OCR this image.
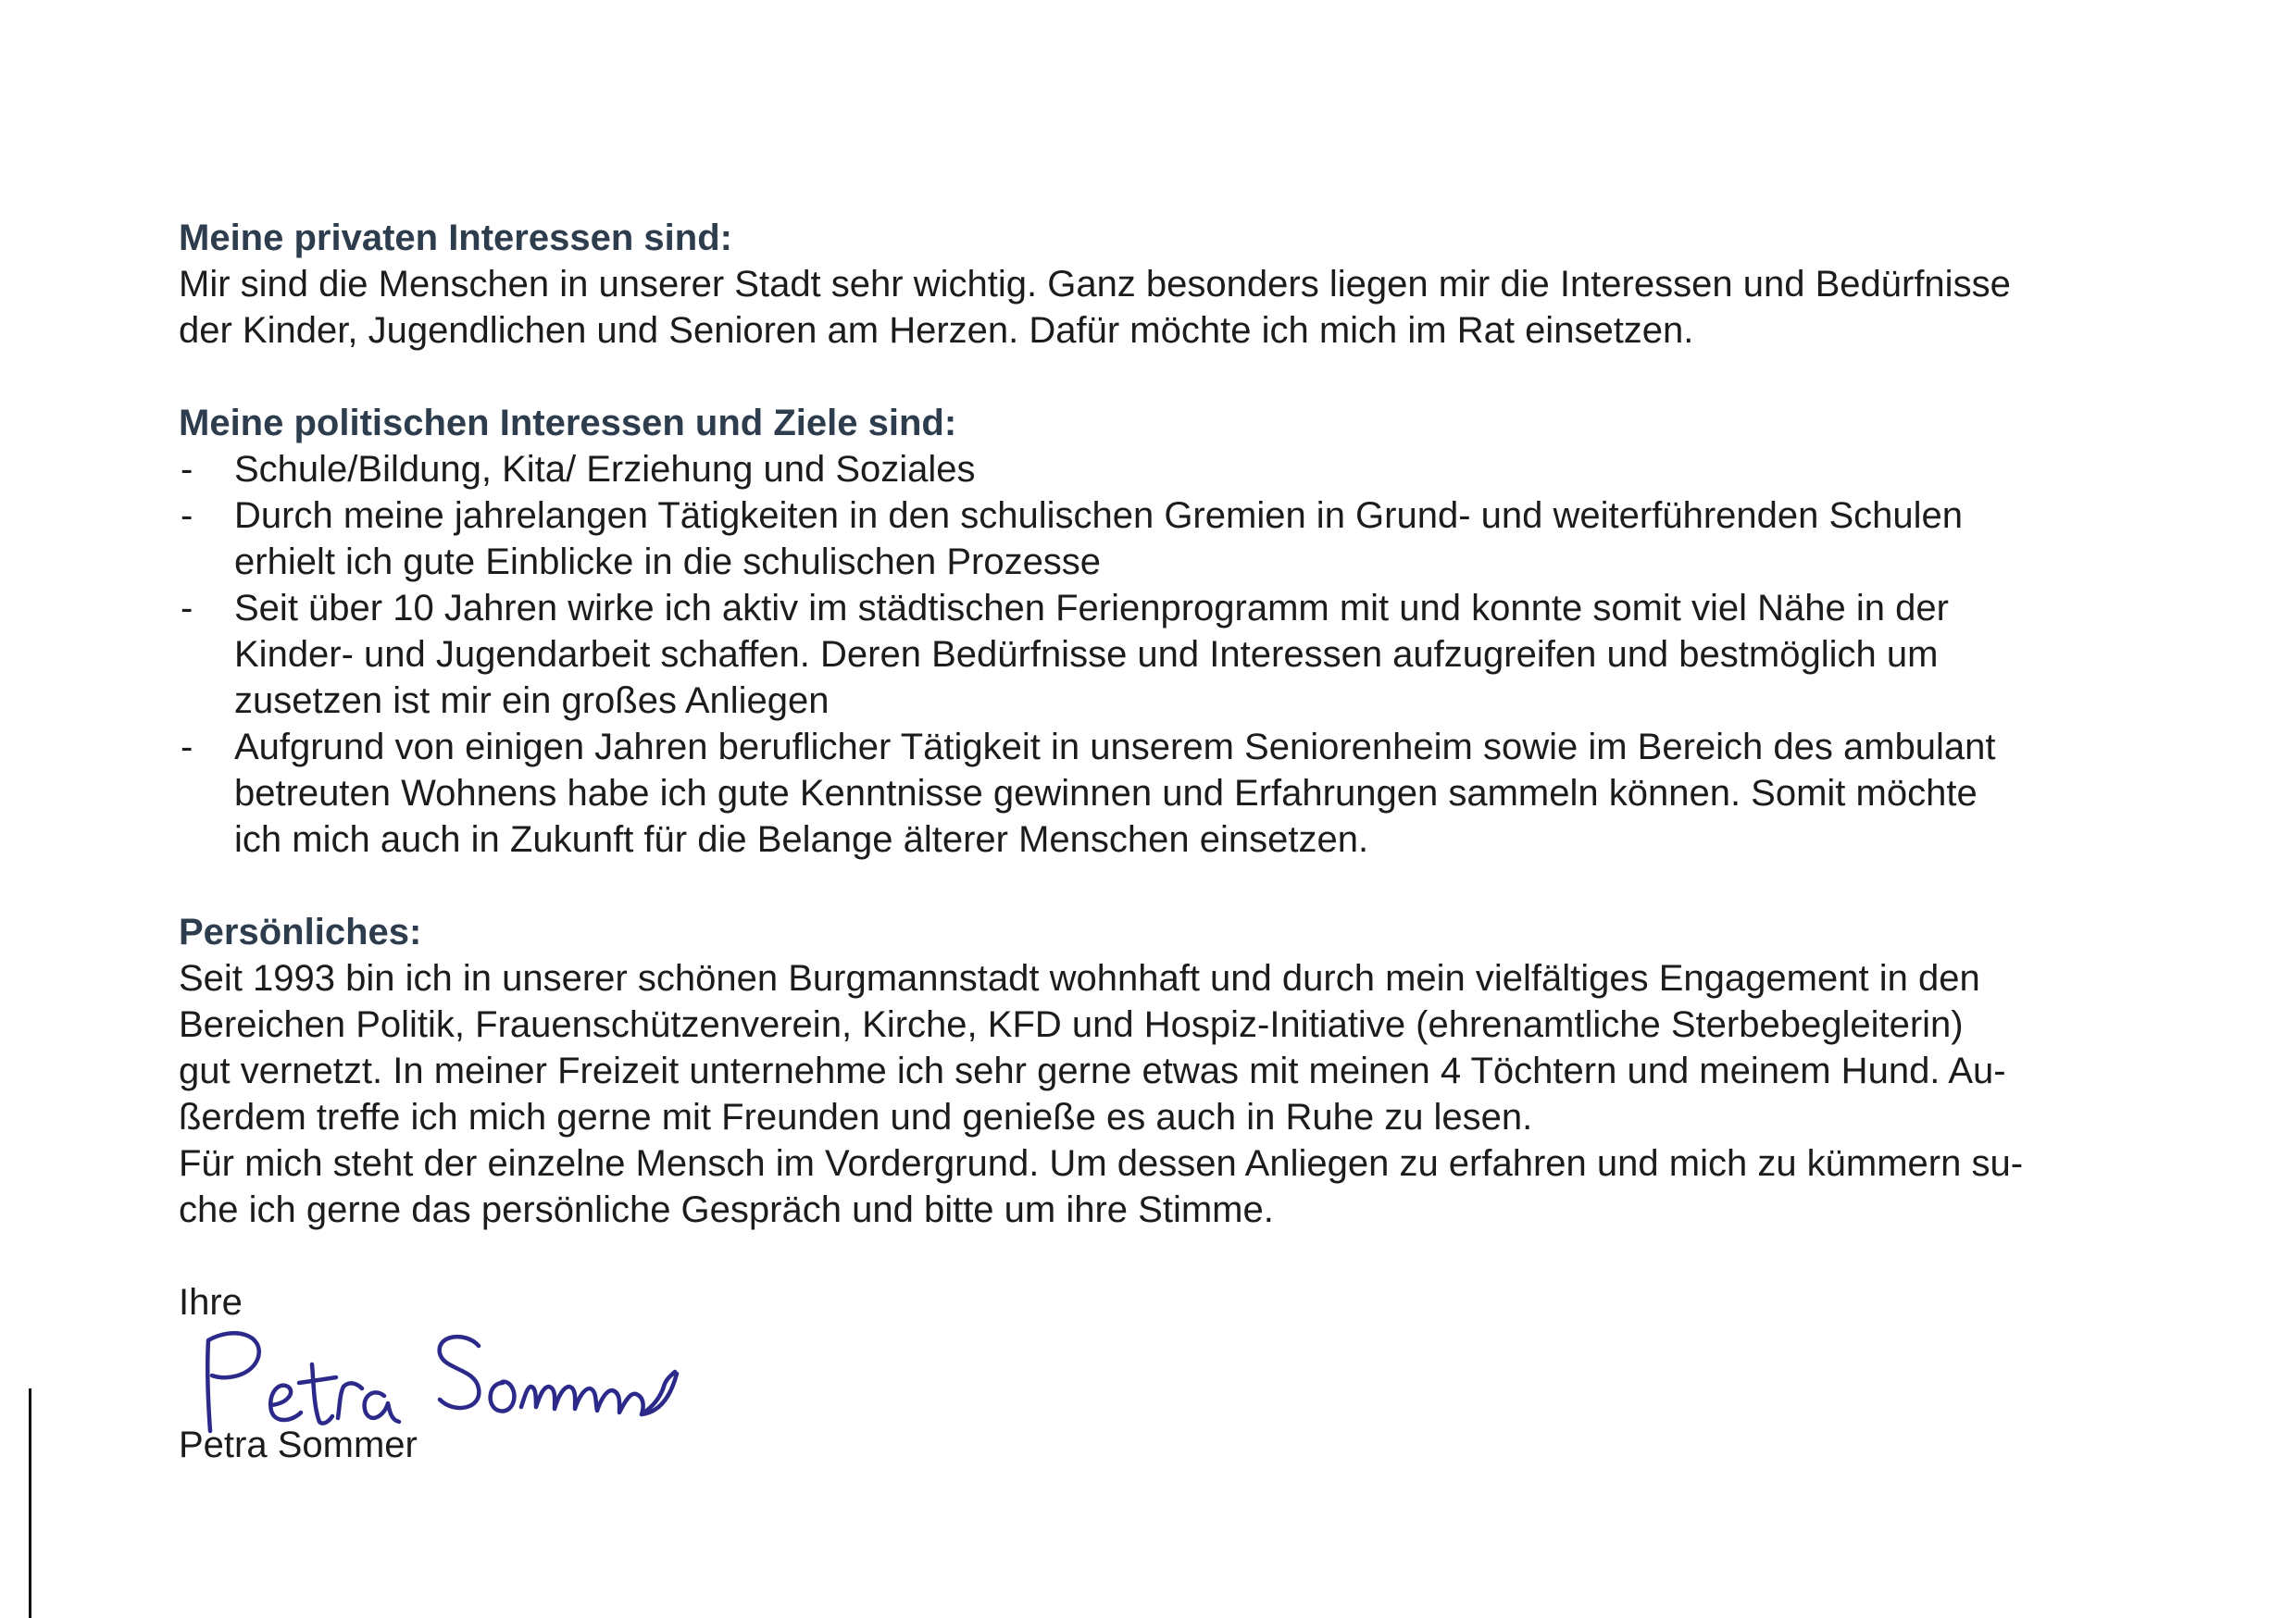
Meine privaten Interessen sind:
Mir sind die Menschen in unserer Stadt sehr wichtig. Ganz besonders liegen mir die Interessen und Bedürfnisse
der Kinder, Jugendlichen und Senioren am Herzen. Dafür möchte ich mich im Rat einsetzen.
Meine politischen Interessen und Ziele sind:
- Schule/Bildung, Kita/ Erziehung und Soziales
- Durch meine jahrelangen Tätigkeiten in den schulischen Gremien in Grund- und weiterführenden Schulen
erhielt ich gute Einblicke in die schulischen Prozesse
- Seit über 10 Jahren wirke ich aktiv im städtischen Ferienprogramm mit und konnte somit viel Nähe in der
Kinder- und Jugendarbeit schaffen. Deren Bedürfnisse und Interessen aufzugreifen und bestmöglich um
zusetzen ist mir ein großes Anliegen
- Aufgrund von einigen Jahren beruflicher Tätigkeit in unserem Seniorenheim sowie im Bereich des ambulant
betreuten Wohnens habe ich gute Kenntnisse gewinnen und Erfahrungen sammeln können. Somit möchte
ich mich auch in Zukunft für die Belange älterer Menschen einsetzen.
Persönliches:
Seit 1993 bin ich in unserer schönen Burgmannstadt wohnhaft und durch mein vielfältiges Engagement in den
Bereichen Politik, Frauenschützenverein, Kirche, KFD und Hospiz-Initiative (ehrenamtliche Sterbebegleiterin)
gut vernetzt. In meiner Freizeit unternehme ich sehr gerne etwas mit meinen 4 Töchtern und meinem Hund. Au-
ßerdem treffe ich mich gerne mit Freunden und genieße es auch in Ruhe zu lesen.
Für mich steht der einzelne Mensch im Vordergrund. Um dessen Anliegen zu erfahren und mich zu kümmern su-
che ich gerne das persönliche Gespräch und bitte um ihre Stimme.
Ihre
Petra Sommer
